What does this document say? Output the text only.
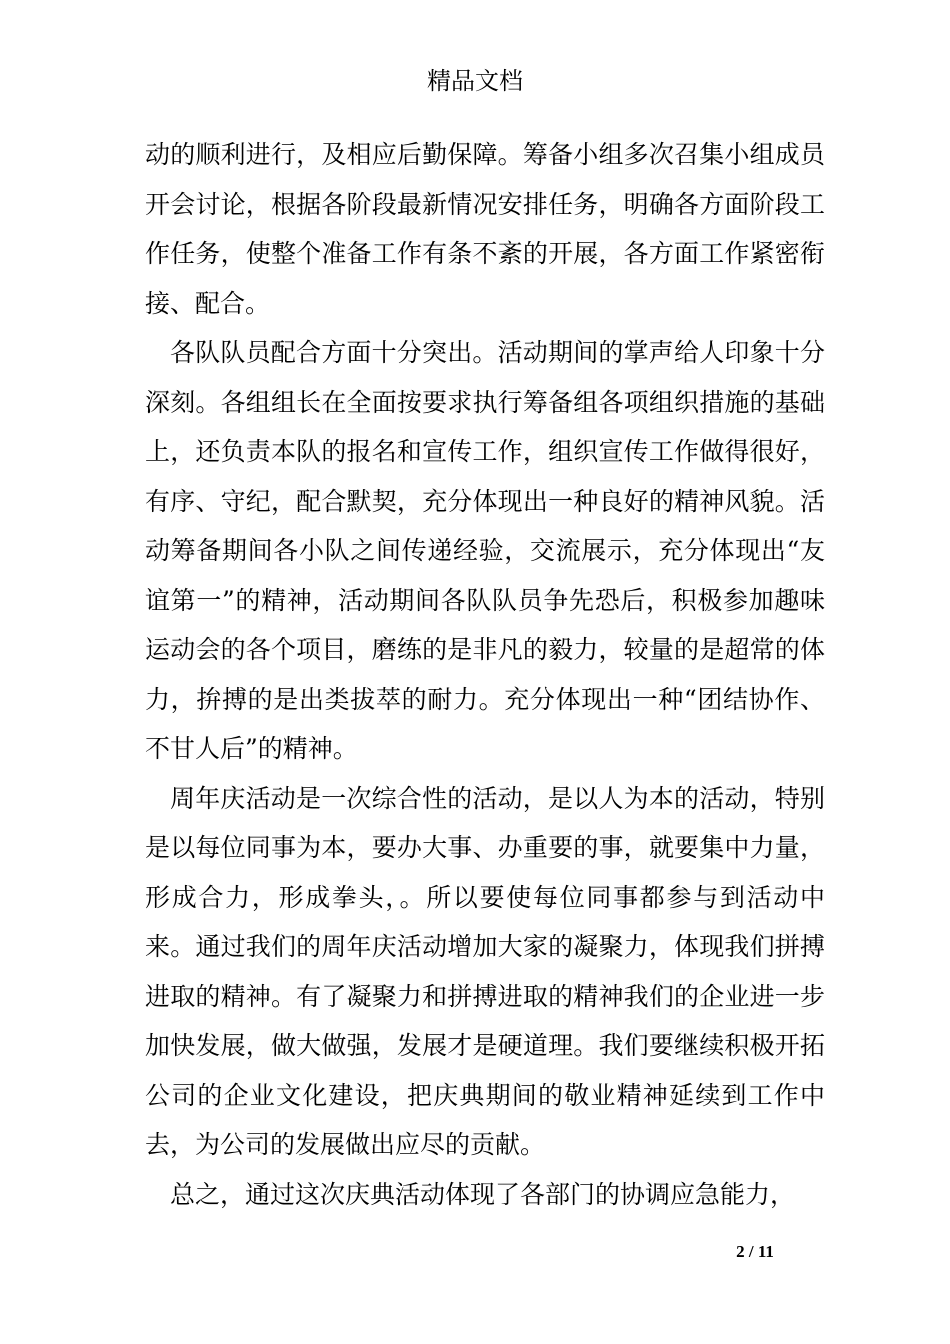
精品文档

动的顺利进行，及相应后勤保障。筹备小组多次召集小组成员开会讨论，根据各阶段最新情况安排任务，明确各方面阶段工作任务，使整个准备工作有条不紊的开展，各方面工作紧密衔接、配合。

各队队员配合方面十分突出。活动期间的掌声给人印象十分深刻。各组组长在全面按要求执行筹备组各项组织措施的基础上，还负责本队的报名和宣传工作，组织宣传工作做得很好，有序、守纪，配合默契，充分体现出一种良好的精神风貌。活动筹备期间各小队之间传递经验，交流展示，充分体现出“友谊第一”的精神，活动期间各队队员争先恐后，积极参加趣味运动会的各个项目，磨练的是非凡的毅力，较量的是超常的体力，拚搏的是出类拔萃的耐力。充分体现出一种“团结协作、不甘人后”的精神。

周年庆活动是一次综合性的活动，是以人为本的活动，特别是以每位同事为本，要办大事、办重要的事，就要集中力量，形成合力，形成拳头，。所以要使每位同事都参与到活动中来。通过我们的周年庆活动增加大家的凝聚力，体现我们拼搏进取的精神。有了凝聚力和拼搏进取的精神我们的企业进一步加快发展，做大做强，发展才是硬道理。我们要继续积极开拓公司的企业文化建设，把庆典期间的敬业精神延续到工作中去，为公司的发展做出应尽的贡献。

总之，通过这次庆典活动体现了各部门的协调应急能力，

2 / 11
